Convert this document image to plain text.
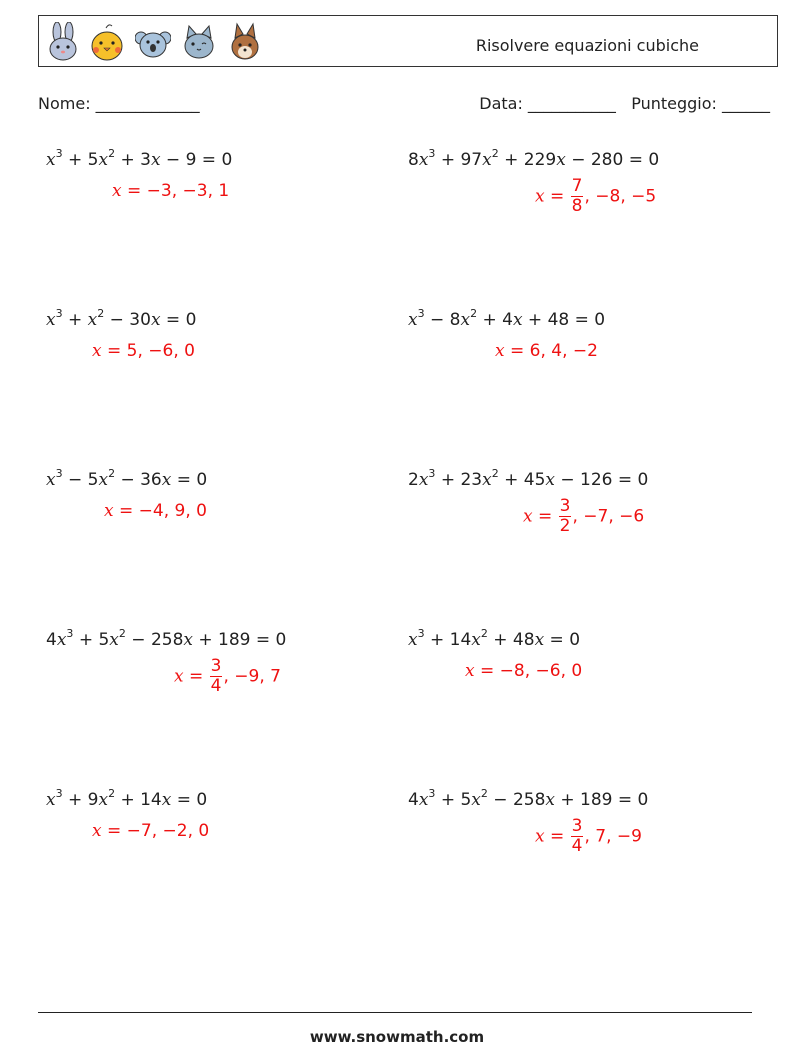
Risolvere equazioni cubiche
Nome: _____________	Data: ___________ Punteggio: ______
$x^3 + 5x^2 + 3x - 9 = 0$
x = −3, −3, 1
$8x^3 + 97x^2 + 229x - 280 = 0$
$x = \frac{7}{8}$ , −8, −5
$x^3 + x^2 - 30x = 0$
x = 5, −6, 0
$x^3 - 8x^2 + 4x + 48 = 0$
x = 6, 4, −2
$x^3 - 5x^2 - 36x = 0$
x = −4, 9, 0
$2x^3 + 23x^2 + 45x - 126 = 0$
$x = \frac{3}{2}$ , −7, −6
$4x^3 + 5x^2 - 258x + 189 = 0$
$x = \frac{3}{4}$ , −9, 7
$x^3 + 14x^2 + 48x = 0$
x = −8, −6, 0
$x^3 + 9x^2 + 14x = 0$
x = −7, −2, 0
$4x^3 + 5x^2 - 258x + 189 = 0$
$x = \frac{3}{4}$ , 7, −9
www.snowmath.com
